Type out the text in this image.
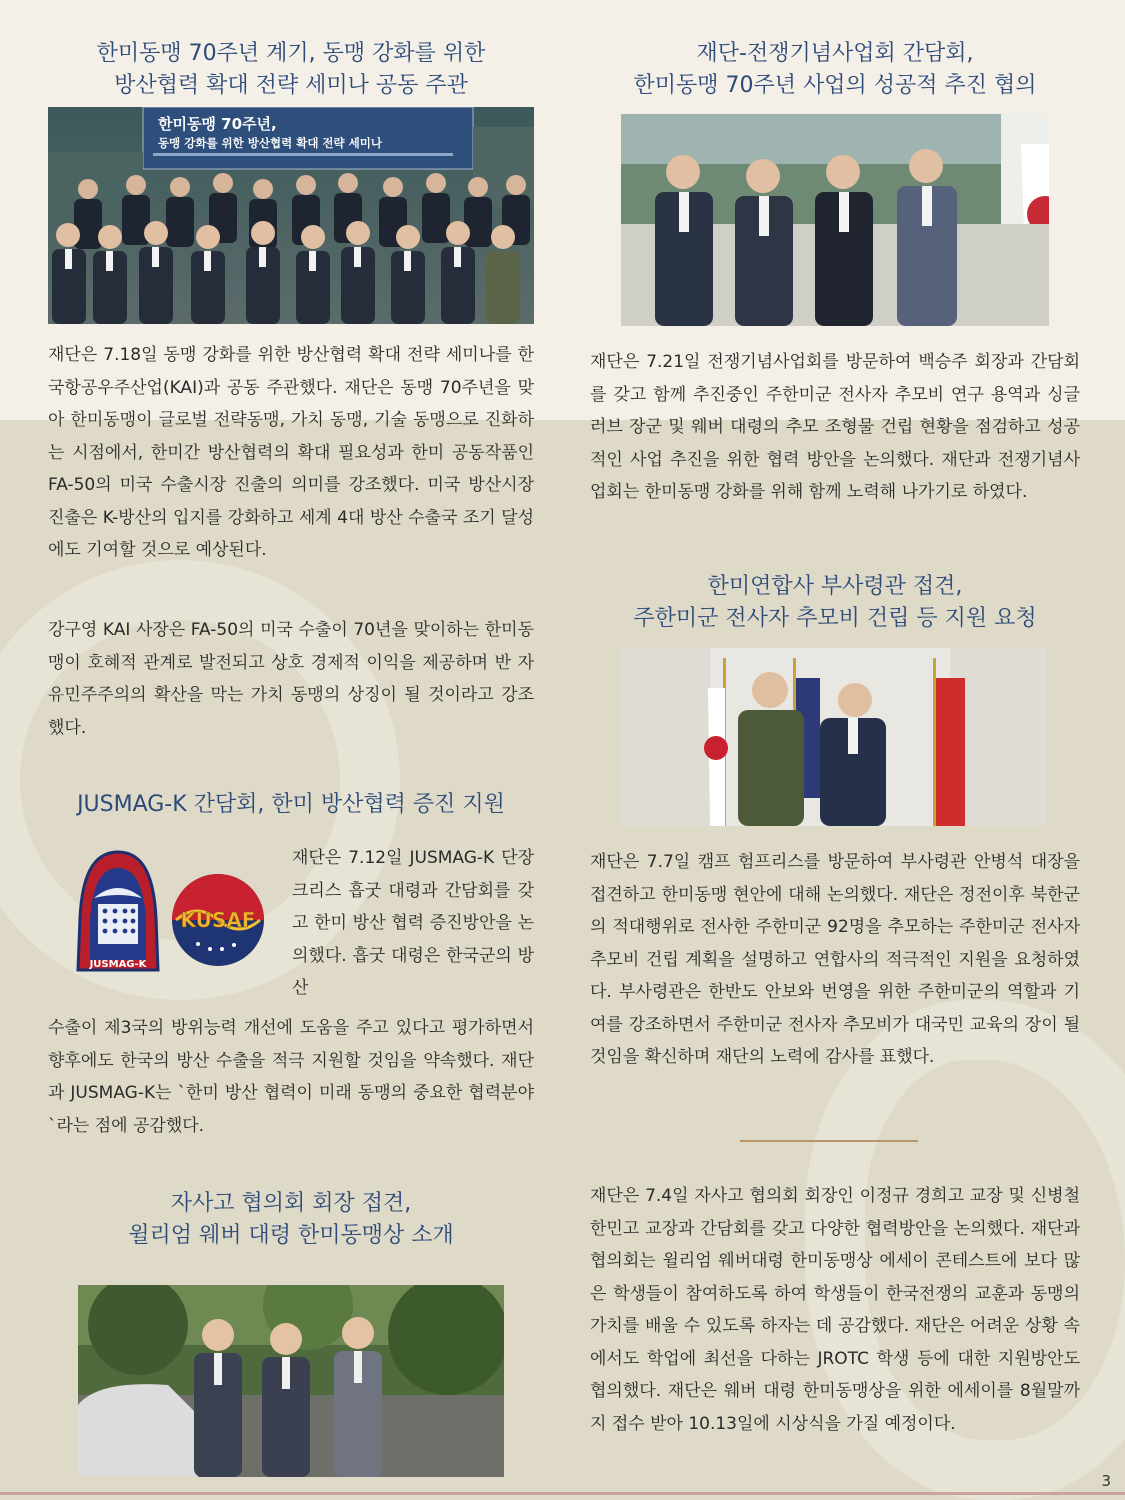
한미동맹 70주년 계기, 동맹 강화를 위한
방산협력 확대 전략 세미나 공동 주관
한미동맹 70주년,
동맹 강화를 위한 방산협력 확대 전략 세미나

재단은 7.18일 동맹 강화를 위한 방산협력 확대 전략 세미나를 한국항공우주산업(KAI)과 공동 주관했다. 재단은 동맹 70주년을 맞아 한미동맹이 글로벌 전략동맹, 가치 동맹, 기술 동맹으로 진화하는 시점에서, 한미간 방산협력의 확대 필요성과 한미 공동작품인 FA-50의 미국 수출시장 진출의 의미를 강조했다. 미국 방산시장 진출은 K-방산의 입지를 강화하고 세계 4대 방산 수출국 조기 달성에도 기여할 것으로 예상된다.

강구영 KAI 사장은 FA-50의 미국 수출이 70년을 맞이하는 한미동맹이 호혜적 관계로 발전되고 상호 경제적 이익을 제공하며 반 자유민주주의의 확산을 막는 가치 동맹의 상징이 될 것이라고 강조했다.

JUSMAG-K 간담회, 한미 방산협력 증진 지원
JUSMAG-K
KUSAF

재단은 7.12일 JUSMAG-K 단장 크리스 흡굿 대령과 간담회를 갖고 한미 방산 협력 증진방안을 논의했다. 흡굿 대령은 한국군의 방산

수출이 제3국의 방위능력 개선에 도움을 주고 있다고 평가하면서 향후에도 한국의 방산 수출을 적극 지원할 것임을 약속했다. 재단과 JUSMAG-K는 `한미 방산 협력이 미래 동맹의 중요한 협력분야`라는 점에 공감했다.

자사고 협의회 회장 접견,
윌리엄 웨버 대령 한미동맹상 소개
재단-전쟁기념사업회 간담회,
한미동맹 70주년 사업의 성공적 추진 협의

재단은 7.21일 전쟁기념사업회를 방문하여 백승주 회장과 간담회를 갖고 함께 추진중인 주한미군 전사자 추모비 연구 용역과 싱글러브 장군 및 웨버 대령의 추모 조형물 건립 현황을 점검하고 성공적인 사업 추진을 위한 협력 방안을 논의했다. 재단과 전쟁기념사업회는 한미동맹 강화를 위해 함께 노력해 나가기로 하였다.

한미연합사 부사령관 접견,
주한미군 전사자 추모비 건립 등 지원 요청

재단은 7.7일 캠프 험프리스를 방문하여 부사령관 안병석 대장을 접견하고 한미동맹 현안에 대해 논의했다. 재단은 정전이후 북한군의 적대행위로 전사한 주한미군 92명을 추모하는 주한미군 전사자 추모비 건립 계획을 설명하고 연합사의 적극적인 지원을 요청하였다. 부사령관은 한반도 안보와 번영을 위한 주한미군의 역할과 기여를 강조하면서 주한미군 전사자 추모비가 대국민 교육의 장이 될 것임을 확신하며 재단의 노력에 감사를 표했다.

재단은 7.4일 자사고 협의회 회장인 이정규 경희고 교장 및 신병철 한민고 교장과 간담회를 갖고 다양한 협력방안을 논의했다. 재단과 협의회는 윌리엄 웨버대령 한미동맹상 에세이 콘테스트에 보다 많은 학생들이 참여하도록 하여 학생들이 한국전쟁의 교훈과 동맹의 가치를 배울 수 있도록 하자는 데 공감했다. 재단은 어려운 상황 속에서도 학업에 최선을 다하는 JROTC 학생 등에 대한 지원방안도 협의했다. 재단은 웨버 대령 한미동맹상을 위한 에세이를 8월말까지 접수 받아 10.13일에 시상식을 가질 예정이다.

3
